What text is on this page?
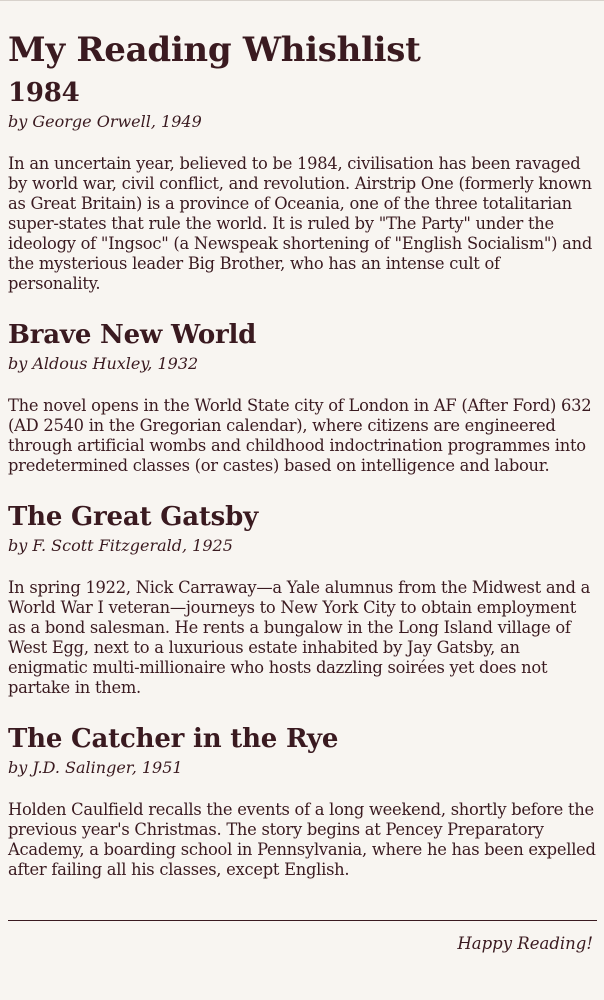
My Reading Whishlist
1984

by George Orwell, 1949

In an uncertain year, believed to be 1984, civilisation has been ravaged by world war, civil conflict, and revolution. Airstrip One (formerly known as Great Britain) is a province of Oceania, one of the three totalitarian super-states that rule the world. It is ruled by "The Party" under the ideology of "Ingsoc" (a Newspeak shortening of "English Socialism") and the mysterious leader Big Brother, who has an intense cult of personality.

Brave New World

by Aldous Huxley, 1932

The novel opens in the World State city of London in AF (After Ford) 632 (AD 2540 in the Gregorian calendar), where citizens are engineered through artificial wombs and childhood indoctrination programmes into predetermined classes (or castes) based on intelligence and labour.

The Great Gatsby

by F. Scott Fitzgerald, 1925

In spring 1922, Nick Carraway—a Yale alumnus from the Midwest and a World War I veteran—journeys to New York City to obtain employment as a bond salesman. He rents a bungalow in the Long Island village of West Egg, next to a luxurious estate inhabited by Jay Gatsby, an enigmatic multi-millionaire who hosts dazzling soirées yet does not partake in them.

The Catcher in the Rye

by J.D. Salinger, 1951

Holden Caulfield recalls the events of a long weekend, shortly before the previous year's Christmas. The story begins at Pencey Preparatory Academy, a boarding school in Pennsylvania, where he has been expelled after failing all his classes, except English.

Happy Reading!
